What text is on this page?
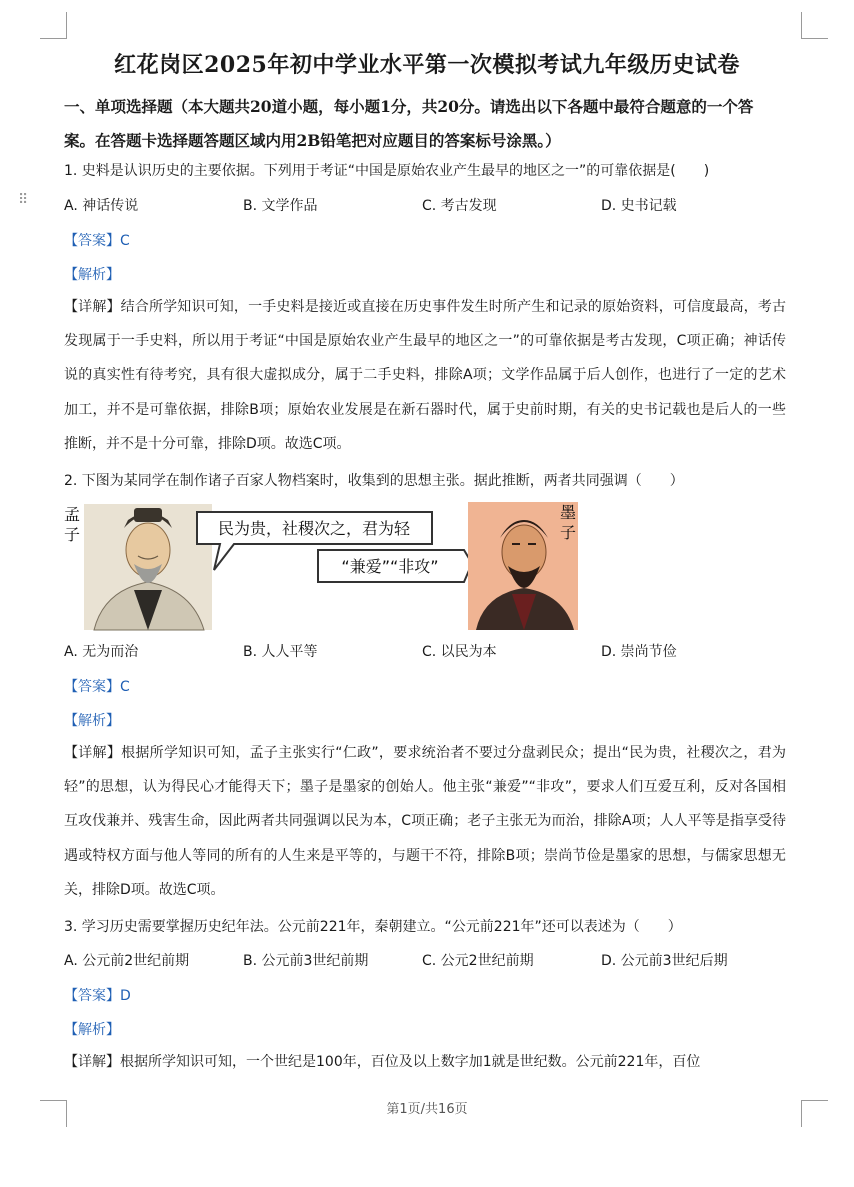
⠿
红花岗区2025年初中学业水平第一次模拟考试九年级历史试卷
一、单项选择题（本大题共20道小题，每小题1分，共20分。请选出以下各题中最符合题意的一个答案。在答题卡选择题答题区域内用2B铅笔把对应题目的答案标号涂黑。）
1. 史料是认识历史的主要依据。下列用于考证“中国是原始农业产生最早的地区之一”的可靠依据是(　　)
A. 神话传说	B. 文学作品	C. 考古发现	D. 史书记载
【答案】C
【解析】
【详解】结合所学知识可知，一手史料是接近或直接在历史事件发生时所产生和记录的原始资料，可信度最高，考古发现属于一手史料，所以用于考证“中国是原始农业产生最早的地区之一”的可靠依据是考古发现，C项正确；神话传说的真实性有待考究，具有很大虚拟成分，属于二手史料，排除A项；文学作品属于后人创作，也进行了一定的艺术加工，并不是可靠依据，排除B项；原始农业发展是在新石器时代，属于史前时期，有关的史书记载也是后人的一些推断，并不是十分可靠，排除D项。故选C项。
2. 下图为某同学在制作诸子百家人物档案时，收集到的思想主张。据此推断，两者共同强调（　　）
孟
子	民为贵，社稷次之，君为轻
“兼爱”“非攻”
墨
子
A. 无为而治	B. 人人平等	C. 以民为本	D. 崇尚节俭
【答案】C
【解析】
【详解】根据所学知识可知，孟子主张实行“仁政”，要求统治者不要过分盘剥民众；提出“民为贵，社稷次之，君为轻”的思想，认为得民心才能得天下；墨子是墨家的创始人。他主张“兼爱”“非攻”，要求人们互爱互利，反对各国相互攻伐兼并、残害生命，因此两者共同强调以民为本，C项正确；老子主张无为而治，排除A项；人人平等是指享受待遇或特权方面与他人等同的所有的人生来是平等的，与题干不符，排除B项；崇尚节俭是墨家的思想，与儒家思想无关，排除D项。故选C项。
3. 学习历史需要掌握历史纪年法。公元前221年，秦朝建立。“公元前221年”还可以表述为（　　）
A. 公元前2世纪前期	B. 公元前3世纪前期	C. 公元2世纪前期	D. 公元前3世纪后期
【答案】D
【解析】
【详解】根据所学知识可知，一个世纪是100年，百位及以上数字加1就是世纪数。公元前221年，百位
第1页/共16页
